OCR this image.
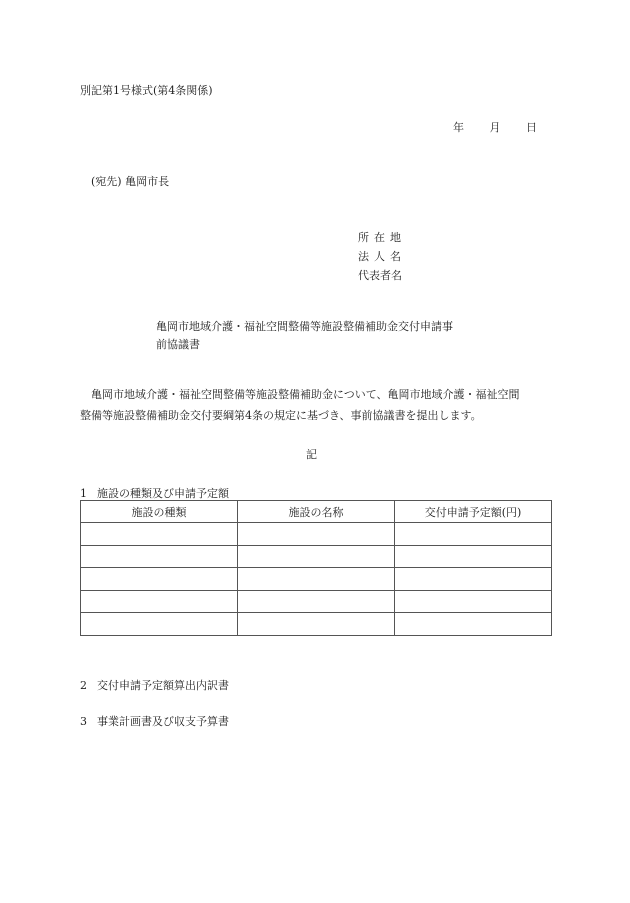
別記第1号様式(第4条関係)
年 月 日
(宛先) 亀岡市長
所在地
法人名
代表者名
亀岡市地域介護・福祉空間整備等施設整備補助金交付申請事
前協議書
亀岡市地域介護・福祉空間整備等施設整備補助金について、亀岡市地域介護・福祉空間
整備等施設整備補助金交付要綱第4条の規定に基づき、事前協議書を提出します。
記
1 施設の種類及び申請予定額
施設の種類	施設の名称	交付申請予定額(円)

2 交付申請予定額算出内訳書
3 事業計画書及び収支予算書
